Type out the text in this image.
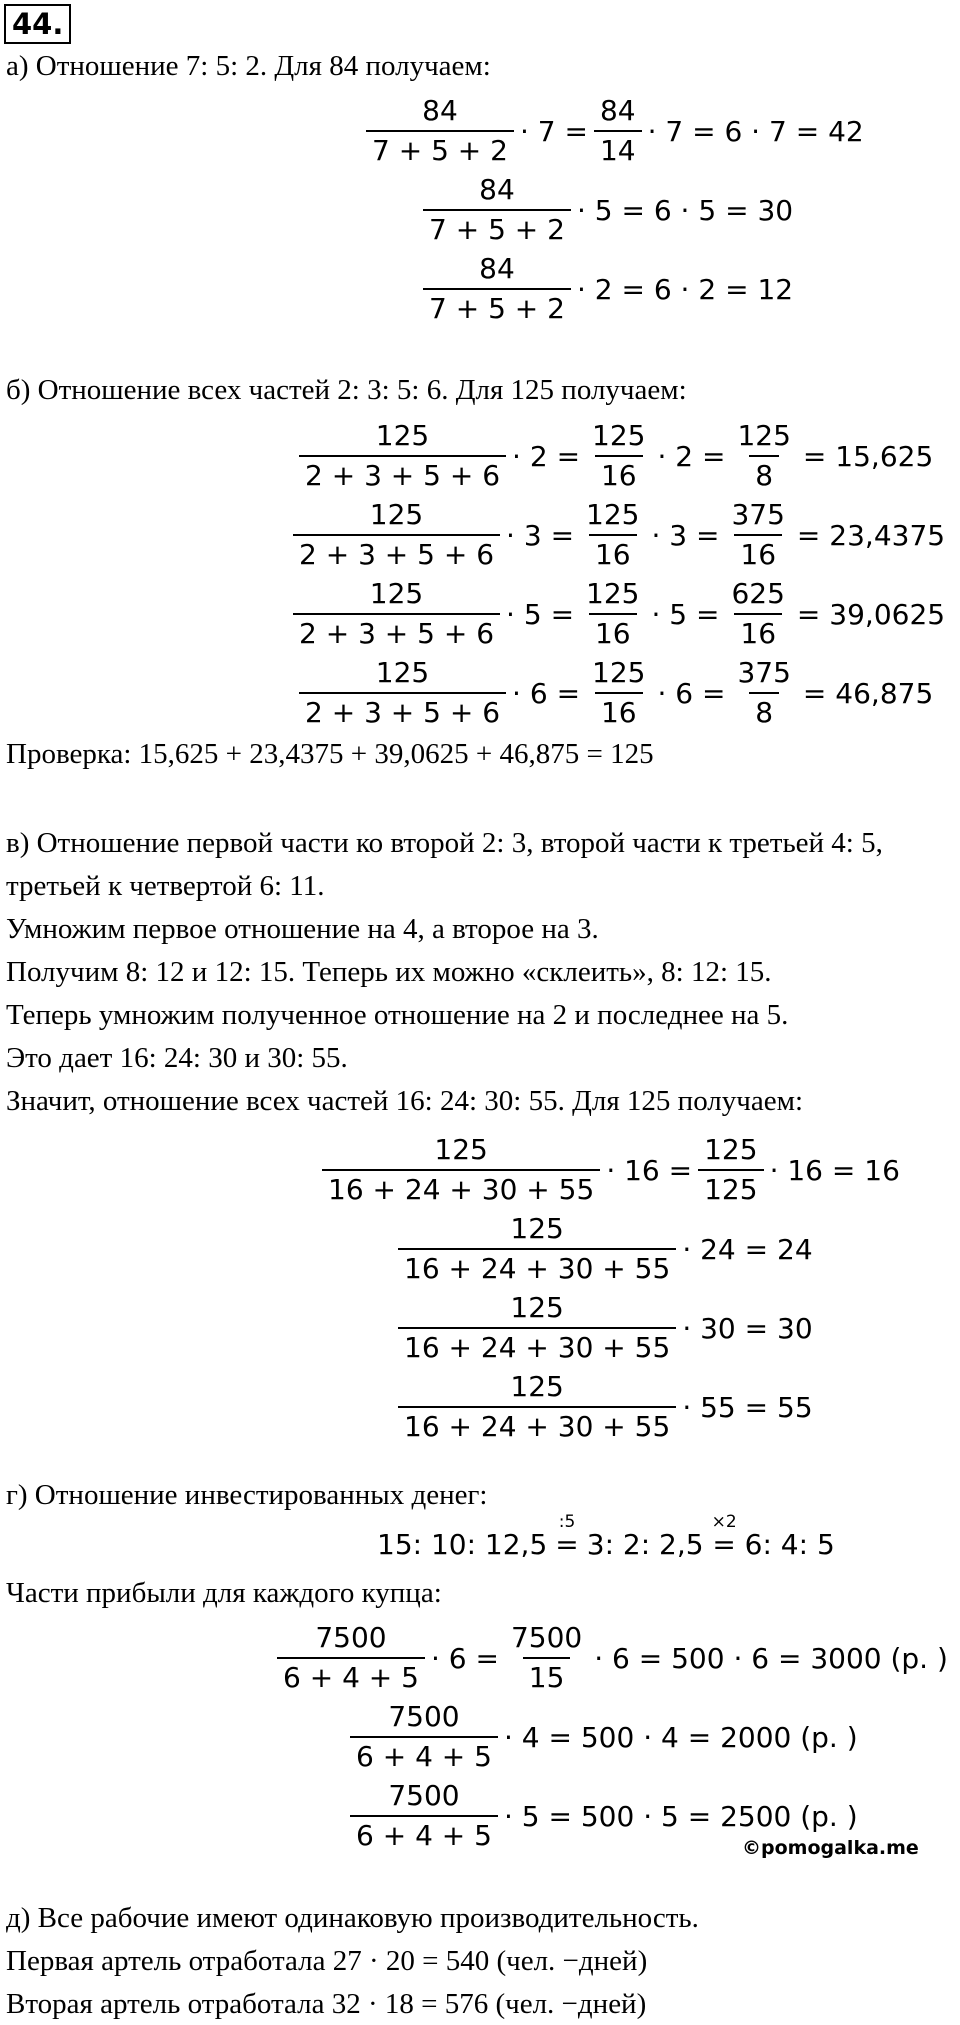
44.
а) Отношение 7: 5: 2. Для 84 получаем:
$\frac{84}{7 + 5 + 2} \cdot 7 = \frac{84}{14} \cdot 7 = 6 \cdot 7 = 42$
$\frac{84}{7 + 5 + 2} \cdot 5 = 6 \cdot 5 = 30$
$\frac{84}{7 + 5 + 2} \cdot 2 = 6 \cdot 2 = 12$
б) Отношение всех частей 2: 3: 5: 6. Для 125 получаем:
$\frac{125}{2 + 3 + 5 + 6} \cdot 2 = \frac{125}{16} \cdot 2 = \frac{125}{8} = 15,625$
$\frac{125}{2 + 3 + 5 + 6} \cdot 3 = \frac{125}{16} \cdot 3 = \frac{375}{16} = 23,4375$
$\frac{125}{2 + 3 + 5 + 6} \cdot 5 = \frac{125}{16} \cdot 5 = \frac{625}{16} = 39,0625$
$\frac{125}{2 + 3 + 5 + 6} \cdot 6 = \frac{125}{16} \cdot 6 = \frac{375}{8} = 46,875$
Проверка: 15,625 + 23,4375 + 39,0625 + 46,875 = 125
в) Отношение первой части ко второй 2: 3, второй части к третьей 4: 5,
третьей к четвертой 6: 11.
Умножим первое отношение на 4, а второе на 3.
Получим 8: 12 и 12: 15. Теперь их можно «склеить», 8: 12: 15.
Теперь умножим полученное отношение на 2 и последнее на 5.
Это дает 16: 24: 30 и 30: 55.
Значит, отношение всех частей 16: 24: 30: 55. Для 125 получаем:
$\frac{125}{16 + 24 + 30 + 55} \cdot 16 = \frac{125}{125} \cdot 16 = 16$
$\frac{125}{16 + 24 + 30 + 55} \cdot 24 = 24$
$\frac{125}{16 + 24 + 30 + 55} \cdot 30 = 30$
$\frac{125}{16 + 24 + 30 + 55} \cdot 55 = 55$
г) Отношение инвестированных денег:
15: 10: 12,5
:5
= 3: 2: 2,5
×2
= 6: 4: 5
Части прибыли для каждого купца:
$\frac{7500}{6 + 4 + 5} \cdot 6 = \frac{7500}{15} \cdot 6 = 500 \cdot 6 = 3000$ (р. )
$\frac{7500}{6 + 4 + 5} \cdot 4 = 500 \cdot 4 = 2000$ (р. )
$\frac{7500}{6 + 4 + 5} \cdot 5 = 500 \cdot 5 = 2500$ (р. )
©pomogalka.me
д) Все рабочие имеют одинаковую производительность.
Первая артель отработала 27 · 20 = 540 (чел. −дней)
Вторая артель отработала 32 · 18 = 576 (чел. −дней)
